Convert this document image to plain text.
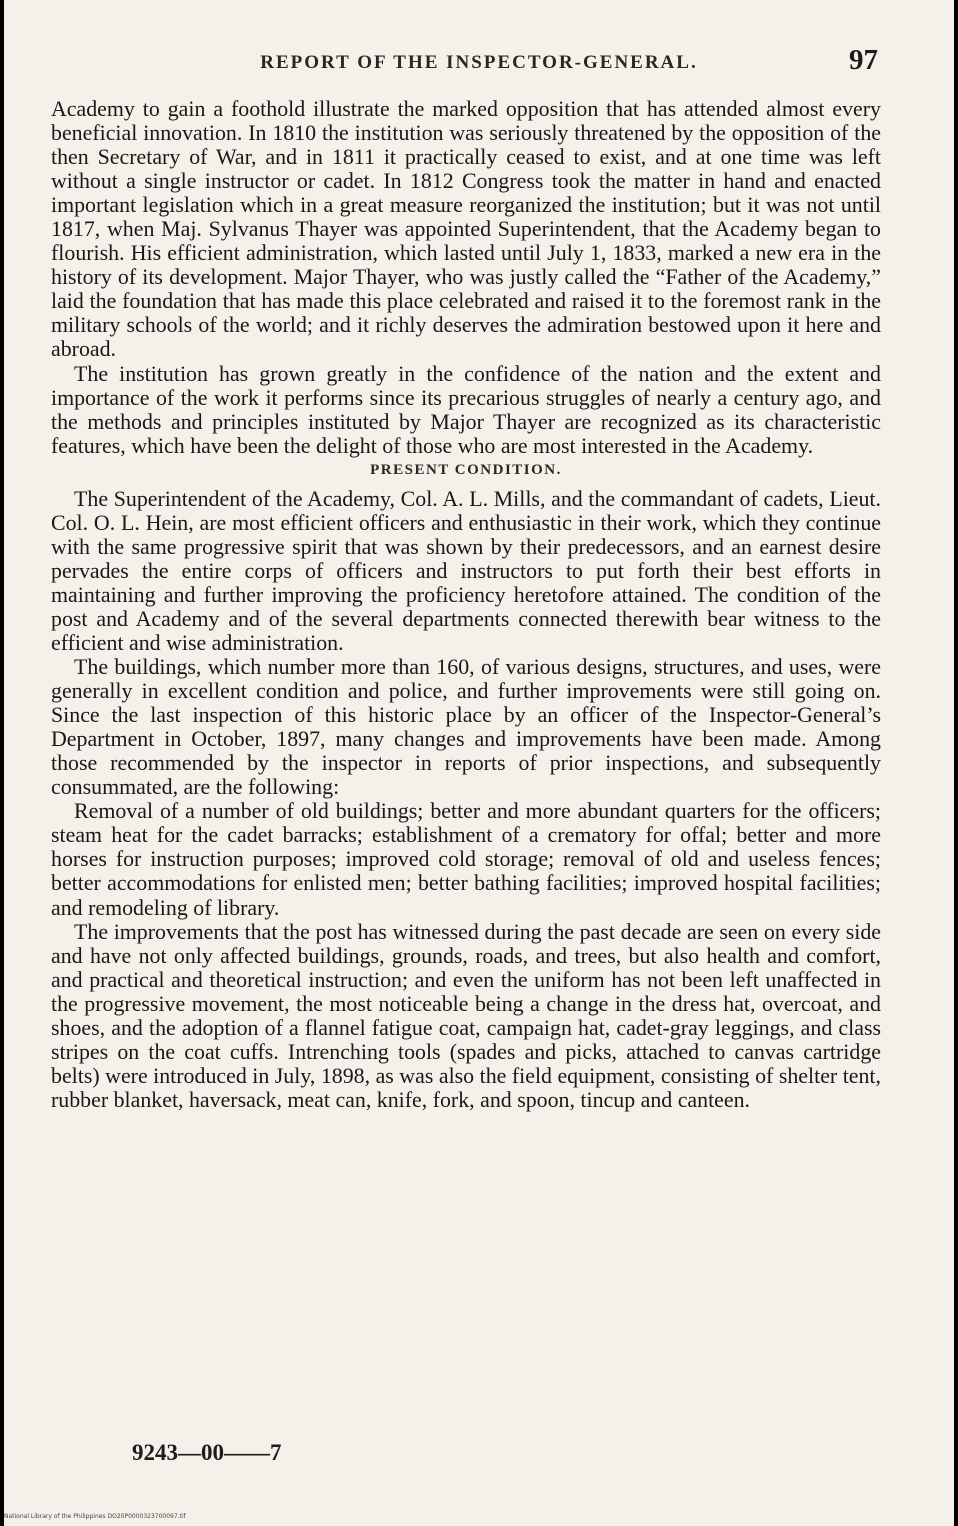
REPORT OF THE INSPECTOR-GENERAL.	97

Academy to gain a foothold illustrate the marked opposition that has attended almost every beneficial innovation. In 1810 the institution was seriously threatened by the opposition of the then Secretary of War, and in 1811 it practically ceased to exist, and at one time was left without a single instructor or cadet. In 1812 Congress took the matter in hand and enacted important legislation which in a great measure reorganized the institution; but it was not until 1817, when Maj. Sylvanus Thayer was appointed Superintendent, that the Academy began to flourish. His efficient administration, which lasted until July 1, 1833, marked a new era in the history of its development. Major Thayer, who was justly called the “Father of the Academy,” laid the foundation that has made this place celebrated and raised it to the foremost rank in the military schools of the world; and it richly deserves the admiration bestowed upon it here and abroad.

The institution has grown greatly in the confidence of the nation and the extent and importance of the work it performs since its precarious struggles of nearly a century ago, and the methods and principles instituted by Major Thayer are recognized as its characteristic features, which have been the delight of those who are most interested in the Academy.

PRESENT CONDITION.

The Superintendent of the Academy, Col. A. L. Mills, and the commandant of cadets, Lieut. Col. O. L. Hein, are most efficient officers and enthusiastic in their work, which they continue with the same progressive spirit that was shown by their predecessors, and an earnest desire pervades the entire corps of officers and instructors to put forth their best efforts in maintaining and further improving the proficiency heretofore attained. The condition of the post and Academy and of the several departments connected therewith bear witness to the efficient and wise administration.

The buildings, which number more than 160, of various designs, structures, and uses, were generally in excellent condition and police, and further improvements were still going on. Since the last inspection of this historic place by an officer of the Inspector-General’s Department in October, 1897, many changes and improvements have been made. Among those recommended by the inspector in reports of prior inspections, and subsequently consummated, are the following:

Removal of a number of old buildings; better and more abundant quarters for the officers; steam heat for the cadet barracks; establishment of a crematory for offal; better and more horses for instruction purposes; improved cold storage; removal of old and useless fences; better accommodations for enlisted men; better bathing facilities; improved hospital facilities; and remodeling of library.

The improvements that the post has witnessed during the past decade are seen on every side and have not only affected buildings, grounds, roads, and trees, but also health and comfort, and practical and theoretical instruction; and even the uniform has not been left unaffected in the progressive movement, the most noticeable being a change in the dress hat, overcoat, and shoes, and the adoption of a flannel fatigue coat, campaign hat, cadet-gray leggings, and class stripes on the coat cuffs. Intrenching tools (spades and picks, attached to canvas cartridge belts) were introduced in July, 1898, as was also the field equipment, consisting of shelter tent, rubber blanket, haversack, meat can, knife, fork, and spoon, tincup and canteen.

9243—00——7
National Library of the Philippines DO20P0000323700097.tif
